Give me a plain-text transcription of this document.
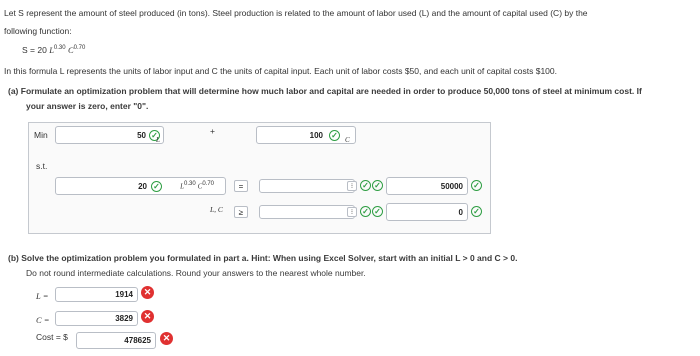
Let S represent the amount of steel produced (in tons). Steel production is related to the amount of labor used (L) and the amount of capital used (C) by the
following function:
S = 20 $L^{0.30}$ $C^{0.70}$
In this formula L represents the units of labor input and C the units of capital input. Each unit of labor costs $50, and each unit of capital costs $100.
(a) Formulate an optimization problem that will determine how much labor and capital are needed in order to produce 50,000 tons of steel at minimum cost. If
your answer is zero, enter "0".
Min	50 ✓
L
+	100 ✓
C
s.t.
20 ✓	$L^{0.30}$ $C^{0.70}$	=	⁝	✓ ✓	50000 ✓
L, C	≥	⁝	✓ ✓	0 ✓
(b) Solve the optimization problem you formulated in part a. Hint: When using Excel Solver, start with an initial L > 0 and C > 0.
Do not round intermediate calculations. Round your answers to the nearest whole number.
L =	1914	✕
C =	3829	✕
Cost = $	478625	✕
